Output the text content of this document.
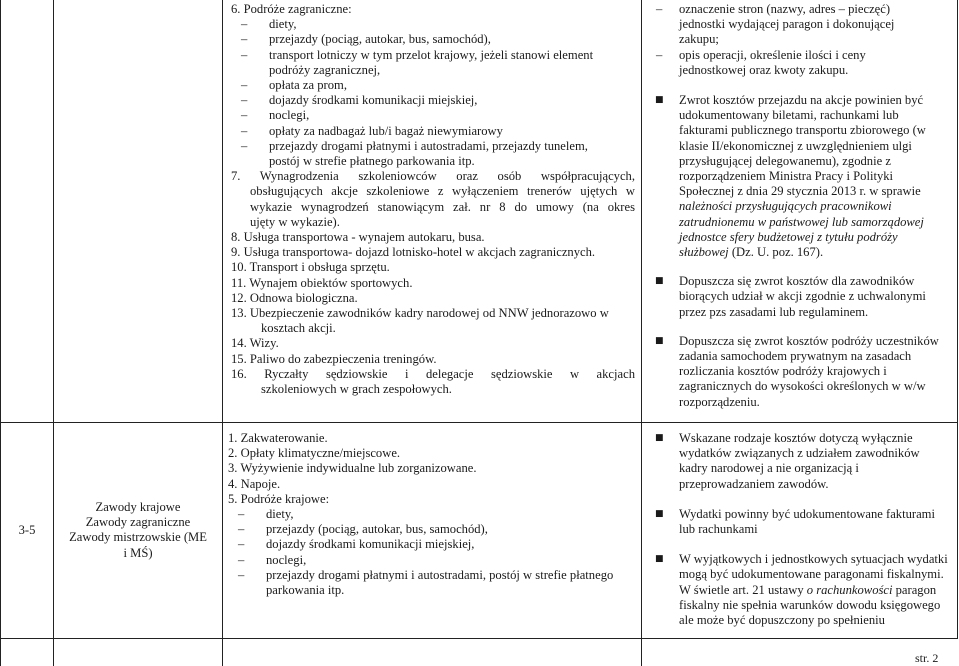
6. Podróże zagraniczne:
– diety,
– przejazdy (pociąg, autokar, bus, samochód),
– transport lotniczy w tym przelot krajowy, jeżeli stanowi element
podróży zagranicznej,
– opłata za prom,
– dojazdy środkami komunikacji miejskiej,
– noclegi,
– opłaty za nadbagaż lub/i bagaż niewymiarowy
– przejazdy drogami płatnymi i autostradami, przejazdy tunelem,
postój w strefie płatnego parkowania itp.
7. Wynagrodzenia szkoleniowców oraz osób współpracujących,
obsługujących akcje szkoleniowe z wyłączeniem trenerów ujętych w
wykazie wynagrodzeń stanowiącym zał. nr 8 do umowy (na okres
ujęty w wykazie).
8. Usługa transportowa - wynajem autokaru, busa.
9. Usługa transportowa- dojazd lotnisko-hotel w akcjach zagranicznych.
10. Transport i obsługa sprzętu.
11. Wynajem obiektów sportowych.
12. Odnowa biologiczna.
13. Ubezpieczenie zawodników kadry narodowej od NNW jednorazowo w
kosztach akcji.
14. Wizy.
15. Paliwo do zabezpieczenia treningów.
16. Ryczałty sędziowskie i delegacje sędziowskie w akcjach
szkoleniowych w grach zespołowych.
– oznaczenie stron (nazwy, adres – pieczęć)
jednostki wydającej paragon i dokonującej
zakupu;
– opis operacji, określenie ilości i ceny
jednostkowej oraz kwoty zakupu.
■ Zwrot kosztów przejazdu na akcje powinien być
udokumentowany biletami, rachunkami lub
fakturami publicznego transportu zbiorowego (w
klasie II/ekonomicznej z uwzględnieniem ulgi
przysługującej delegowanemu), zgodnie z
rozporządzeniem Ministra Pracy i Polityki
Społecznej z dnia 29 stycznia 2013 r. w sprawie
należności przysługujących pracownikowi
zatrudnionemu w państwowej lub samorządowej
jednostce sfery budżetowej z tytułu podróży
służbowej (Dz. U. poz. 167).
■ Dopuszcza się zwrot kosztów dla zawodników
biorących udział w akcji zgodnie z uchwalonymi
przez pzs zasadami lub regulaminem.
■ Dopuszcza się zwrot kosztów podróży uczestników
zadania samochodem prywatnym na zasadach
rozliczania kosztów podróży krajowych i
zagranicznych do wysokości określonych w w/w
rozporządzeniu.
3-5
Zawody krajowe
Zawody zagraniczne
Zawody mistrzowskie (ME
i MŚ)
1. Zakwaterowanie.
2. Opłaty klimatyczne/miejscowe.
3. Wyżywienie indywidualne lub zorganizowane.
4. Napoje.
5. Podróże krajowe:
– diety,
– przejazdy (pociąg, autokar, bus, samochód),
– dojazdy środkami komunikacji miejskiej,
– noclegi,
– przejazdy drogami płatnymi i autostradami, postój w strefie płatnego
parkowania itp.
■ Wskazane rodzaje kosztów dotyczą wyłącznie
wydatków związanych z udziałem zawodników
kadry narodowej a nie organizacją i
przeprowadzaniem zawodów.
■ Wydatki powinny być udokumentowane fakturami
lub rachunkami
■ W wyjątkowych i jednostkowych sytuacjach wydatki
mogą być udokumentowane paragonami fiskalnymi.
W świetle art. 21 ustawy o rachunkowości paragon
fiskalny nie spełnia warunków dowodu księgowego
ale może być dopuszczony po spełnieniu
str. 2
